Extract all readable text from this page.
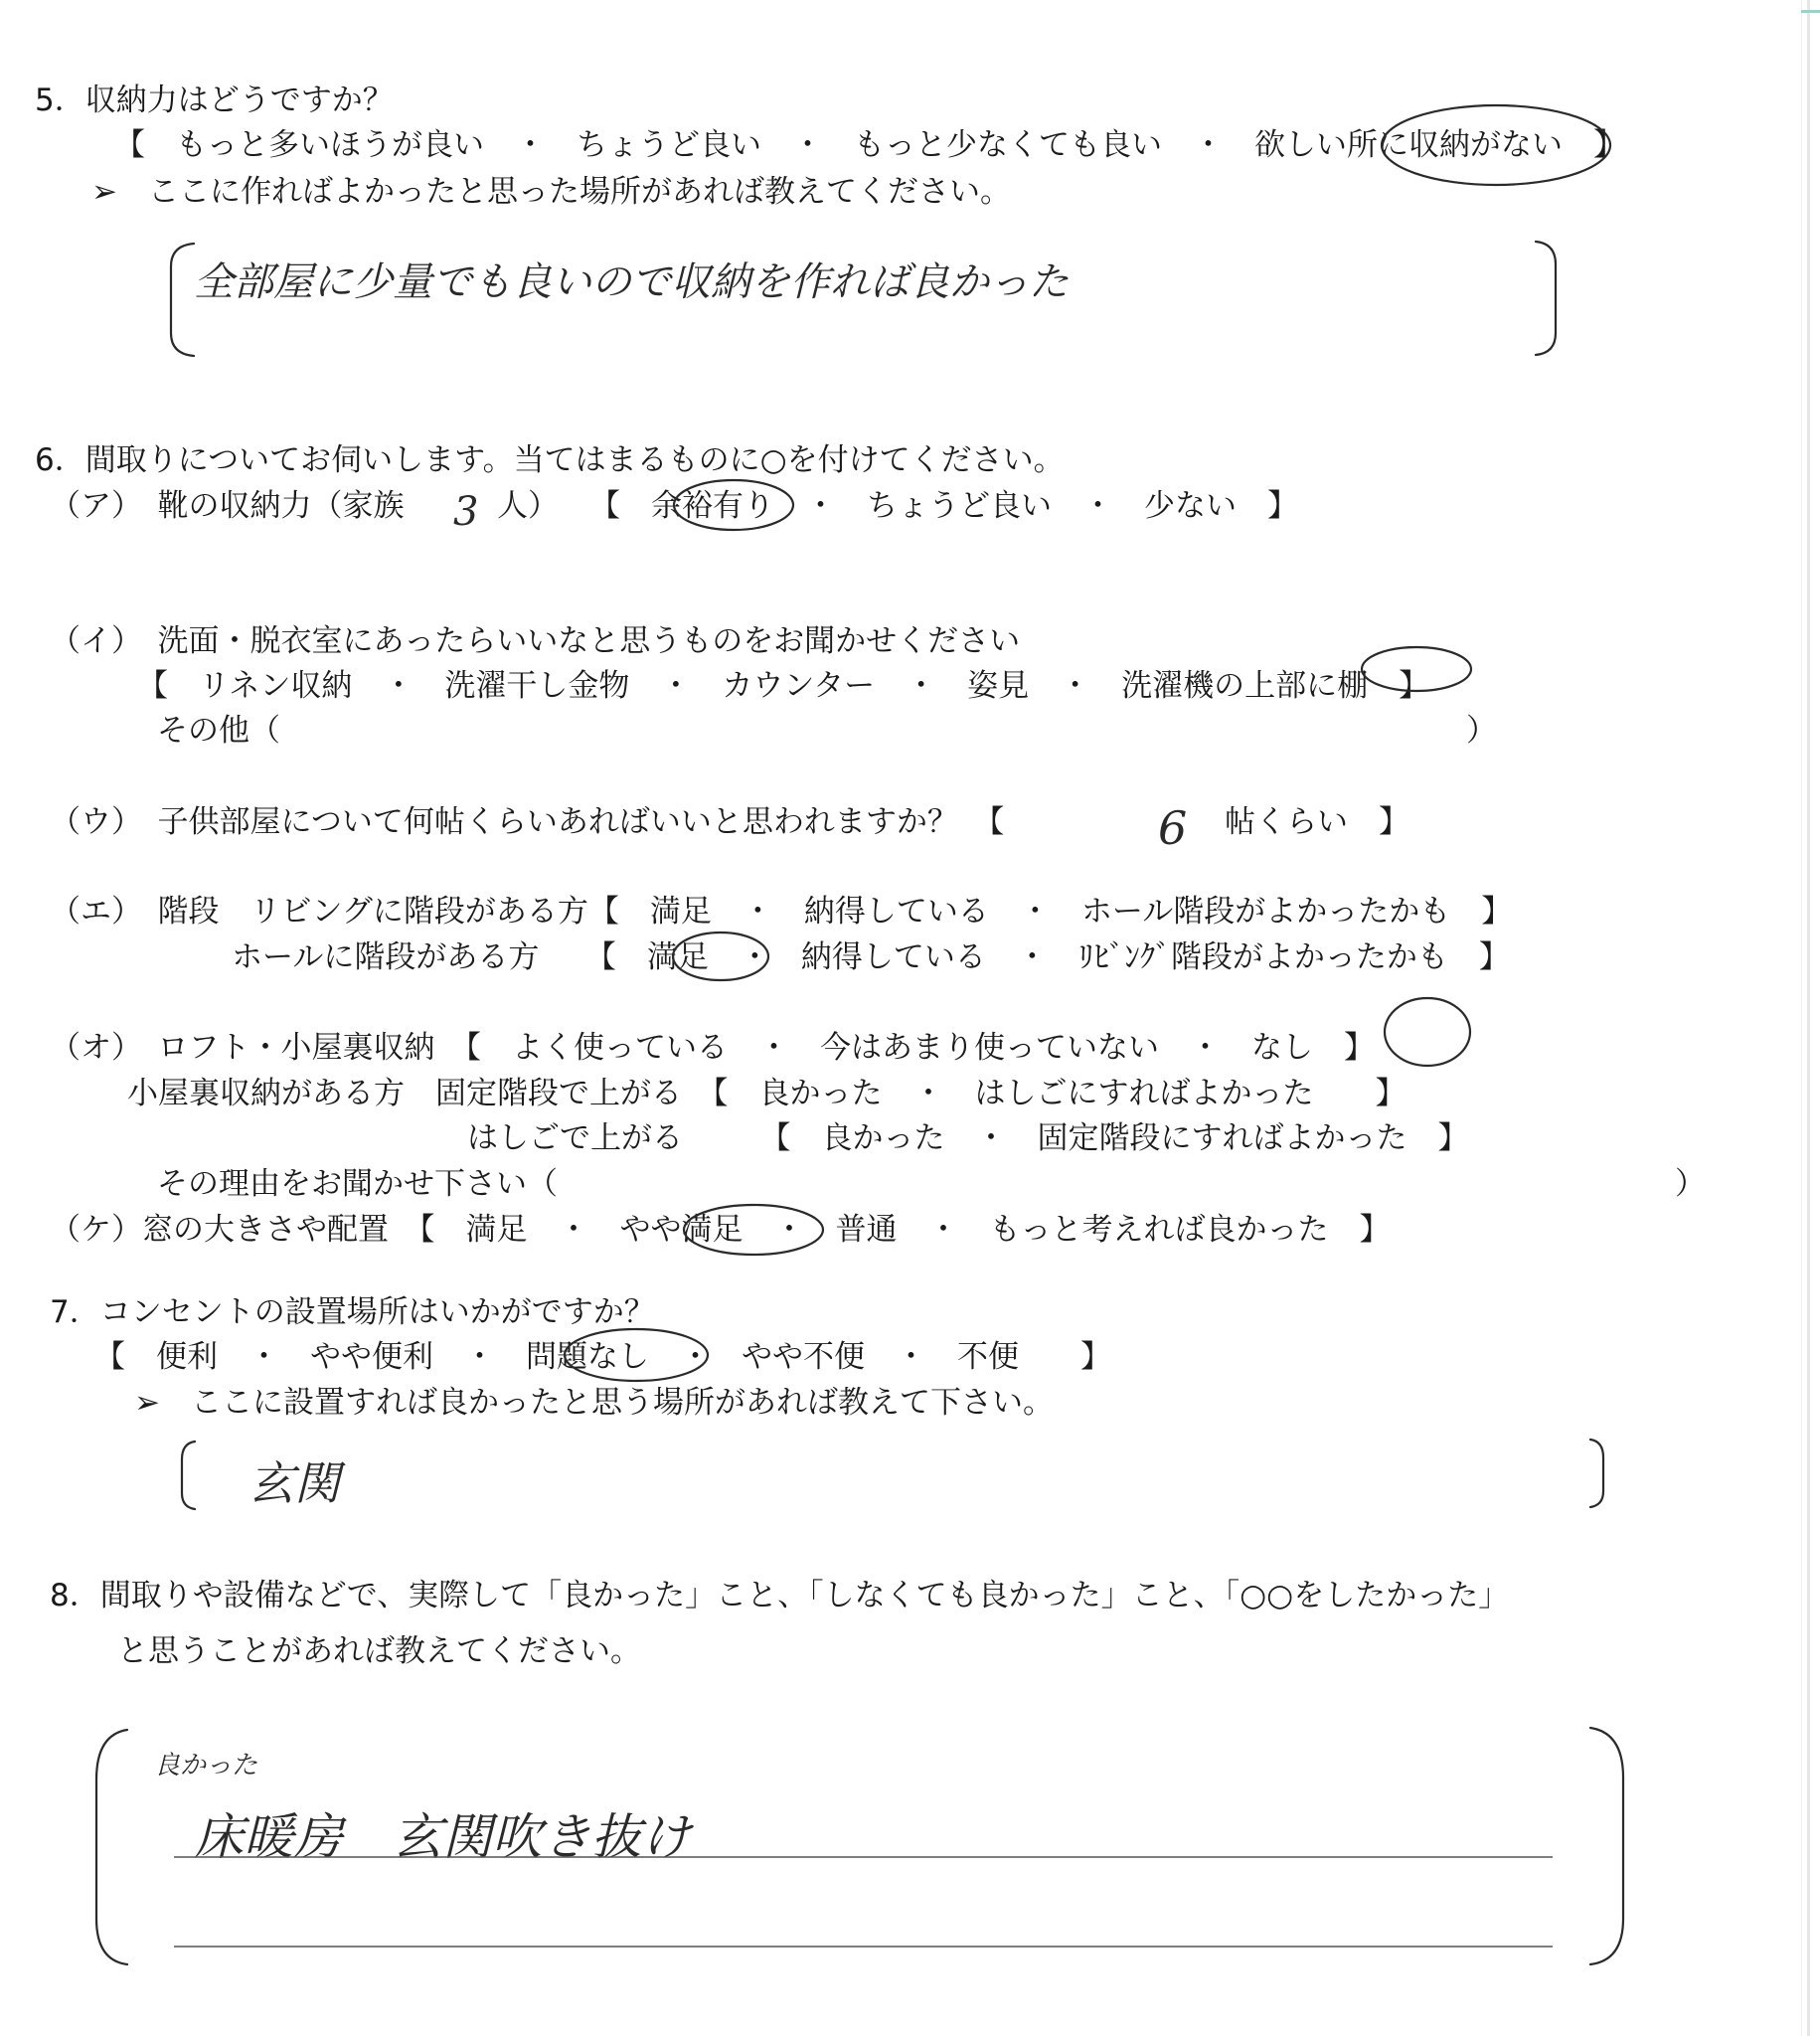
5．収納力はどうですか？
【　もっと多いほうが良い　・　ちょうど良い　・　もっと少なくても良い　・　欲しい所に収納がない　】
➢　ここに作ればよかったと思った場所があれば教えてください。
全部屋に少量でも良いので収納を作れば良かった
6．間取りについてお伺いします。当てはまるものに○を付けてください。
（ア）　靴の収納力（家族 3 人）　　【　余裕有り　・　ちょうど良い　・　少ない　】
（イ）　洗面・脱衣室にあったらいいなと思うものをお聞かせください
【　リネン収納　・　洗濯干し金物　・　カウンター　・　姿見　・　洗濯機の上部に棚　】
その他（	）
（ウ）　子供部屋について何帖くらいあればいいと思われますか？　【	6 帖くらい　】
（エ）　階段　リビングに階段がある方【　満足　・　納得している　・　ホール階段がよかったかも　】
ホールに階段がある方　　【　満足　・　納得している　・　ﾘﾋﾞﾝｸﾞ階段がよかったかも　】
（オ）　ロフト・小屋裏収納　【　よく使っている　・　今はあまり使っていない　・　なし　】
小屋裏収納がある方　固定階段で上がる　【　良かった　・　はしごにすればよかった　　】
はしごで上がる　　　【　良かった　・　固定階段にすればよかった　】
その理由をお聞かせ下さい（	）
（ケ）窓の大きさや配置　【　満足　・　やや満足　・　普通　・　もっと考えれば良かった　】
7．コンセントの設置場所はいかがですか？
【　便利　・　やや便利　・　問題なし　・　やや不便　・　不便　　】
➢　ここに設置すれば良かったと思う場所があれば教えて下さい。
玄関
8．間取りや設備などで、実際して「良かった」こと、「しなくても良かった」こと、「○○をしたかった」
と思うことがあれば教えてください。
良かった
床暖房　玄関吹き抜け
